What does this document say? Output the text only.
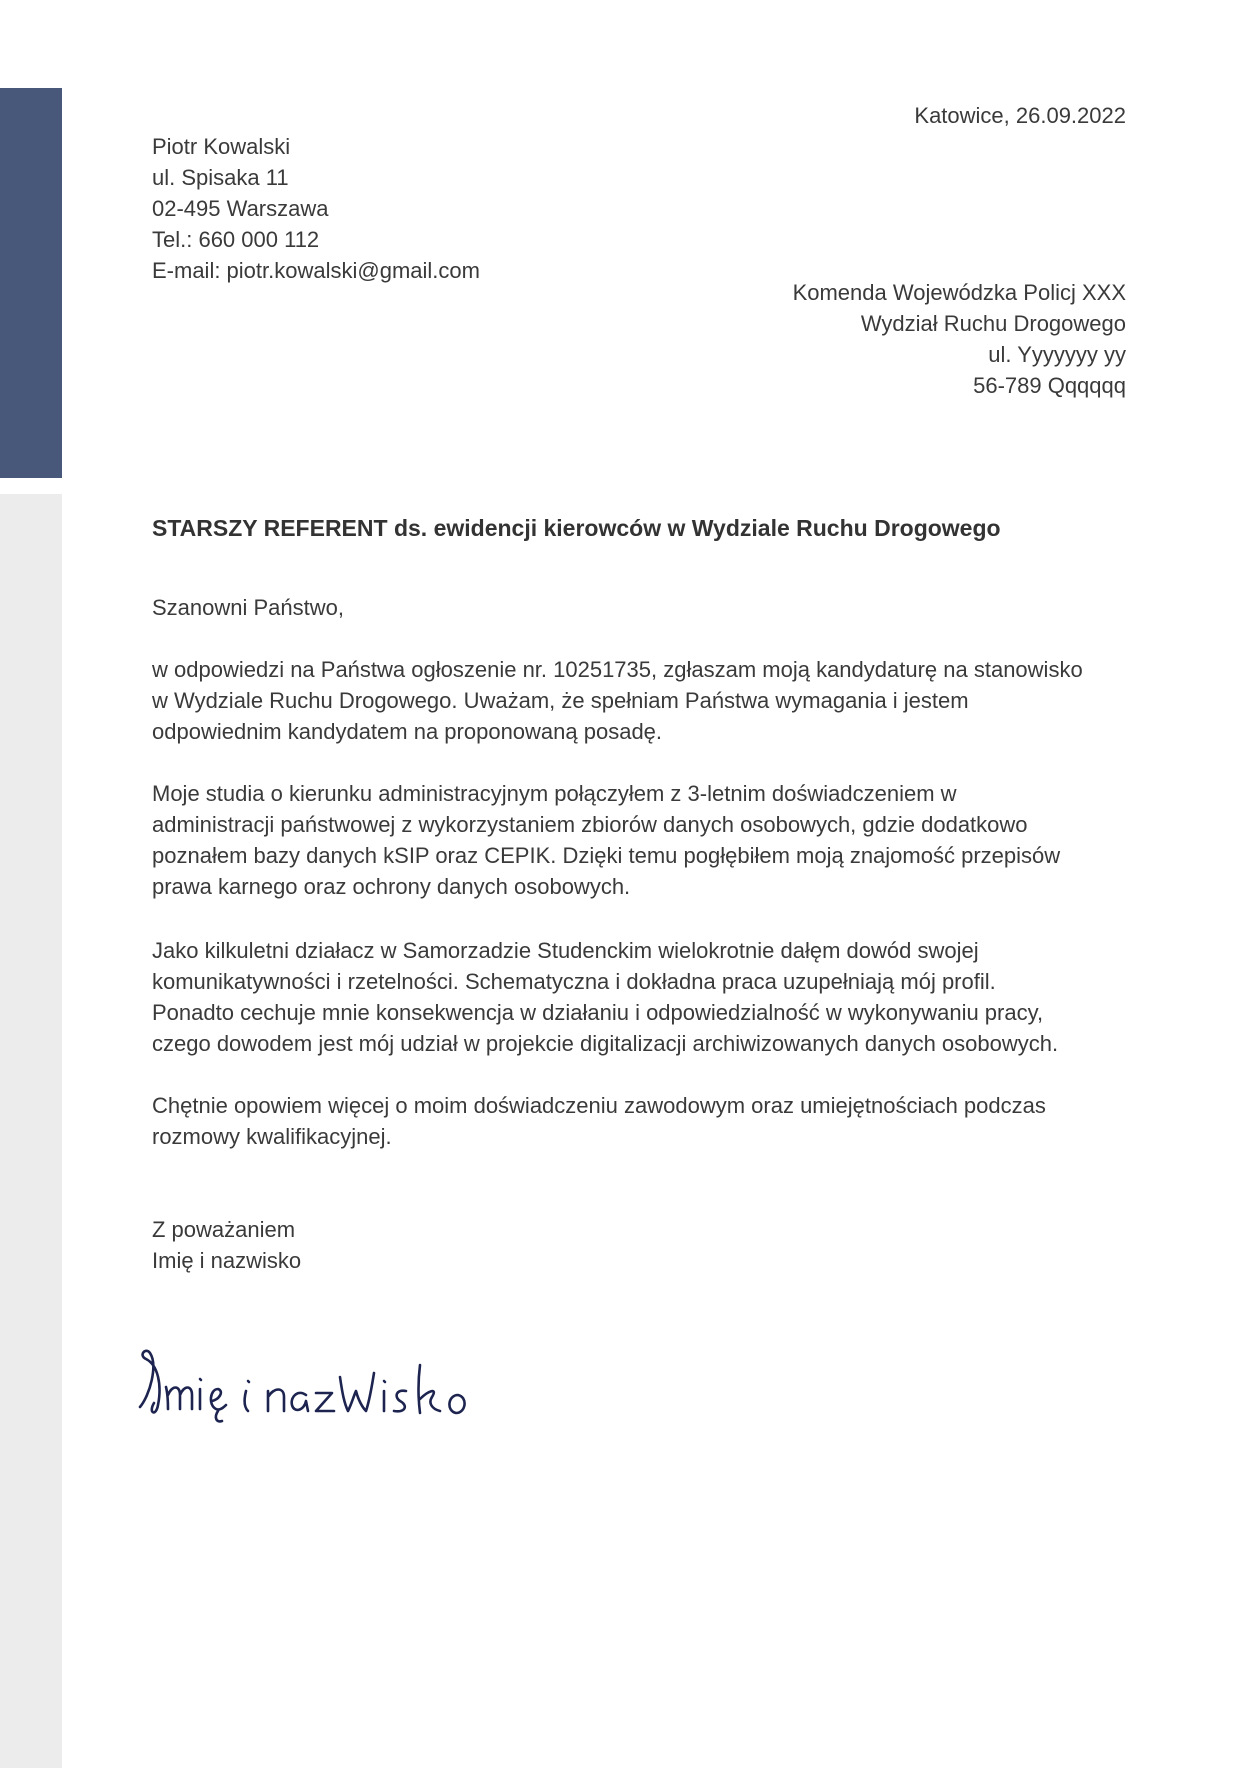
Katowice, 26.09.2022
Piotr Kowalski
ul. Spisaka 11
02-495 Warszawa
Tel.: 660 000 112
E-mail: piotr.kowalski@gmail.com
Komenda Wojewódzka Policj XXX
Wydział Ruchu Drogowego
ul. Yyyyyyy yy
56-789 Qqqqqq
STARSZY REFERENT ds. ewidencji kierowców w Wydziale Ruchu Drogowego
Szanowni Państwo,
w odpowiedzi na Państwa ogłoszenie nr. 10251735, zgłaszam moją kandydaturę na stanowisko
w Wydziale Ruchu Drogowego. Uważam, że spełniam Państwa wymagania i jestem
odpowiednim kandydatem na proponowaną posadę.
Moje studia o kierunku administracyjnym połączyłem z 3-letnim doświadczeniem w
administracji państwowej z wykorzystaniem zbiorów danych osobowych, gdzie dodatkowo
poznałem bazy danych kSIP oraz CEPIK. Dzięki temu pogłębiłem moją znajomość przepisów
prawa karnego oraz ochrony danych osobowych.
Jako kilkuletni działacz w Samorzadzie Studenckim wielokrotnie dałęm dowód swojej
komunikatywności i rzetelności. Schematyczna i dokładna praca uzupełniają mój profil.
Ponadto cechuje mnie konsekwencja w działaniu i odpowiedzialność w wykonywaniu pracy,
czego dowodem jest mój udział w projekcie digitalizacji archiwizowanych danych osobowych.
Chętnie opowiem więcej o moim doświadczeniu zawodowym oraz umiejętnościach podczas
rozmowy kwalifikacyjnej.
Z poważaniem
Imię i nazwisko
